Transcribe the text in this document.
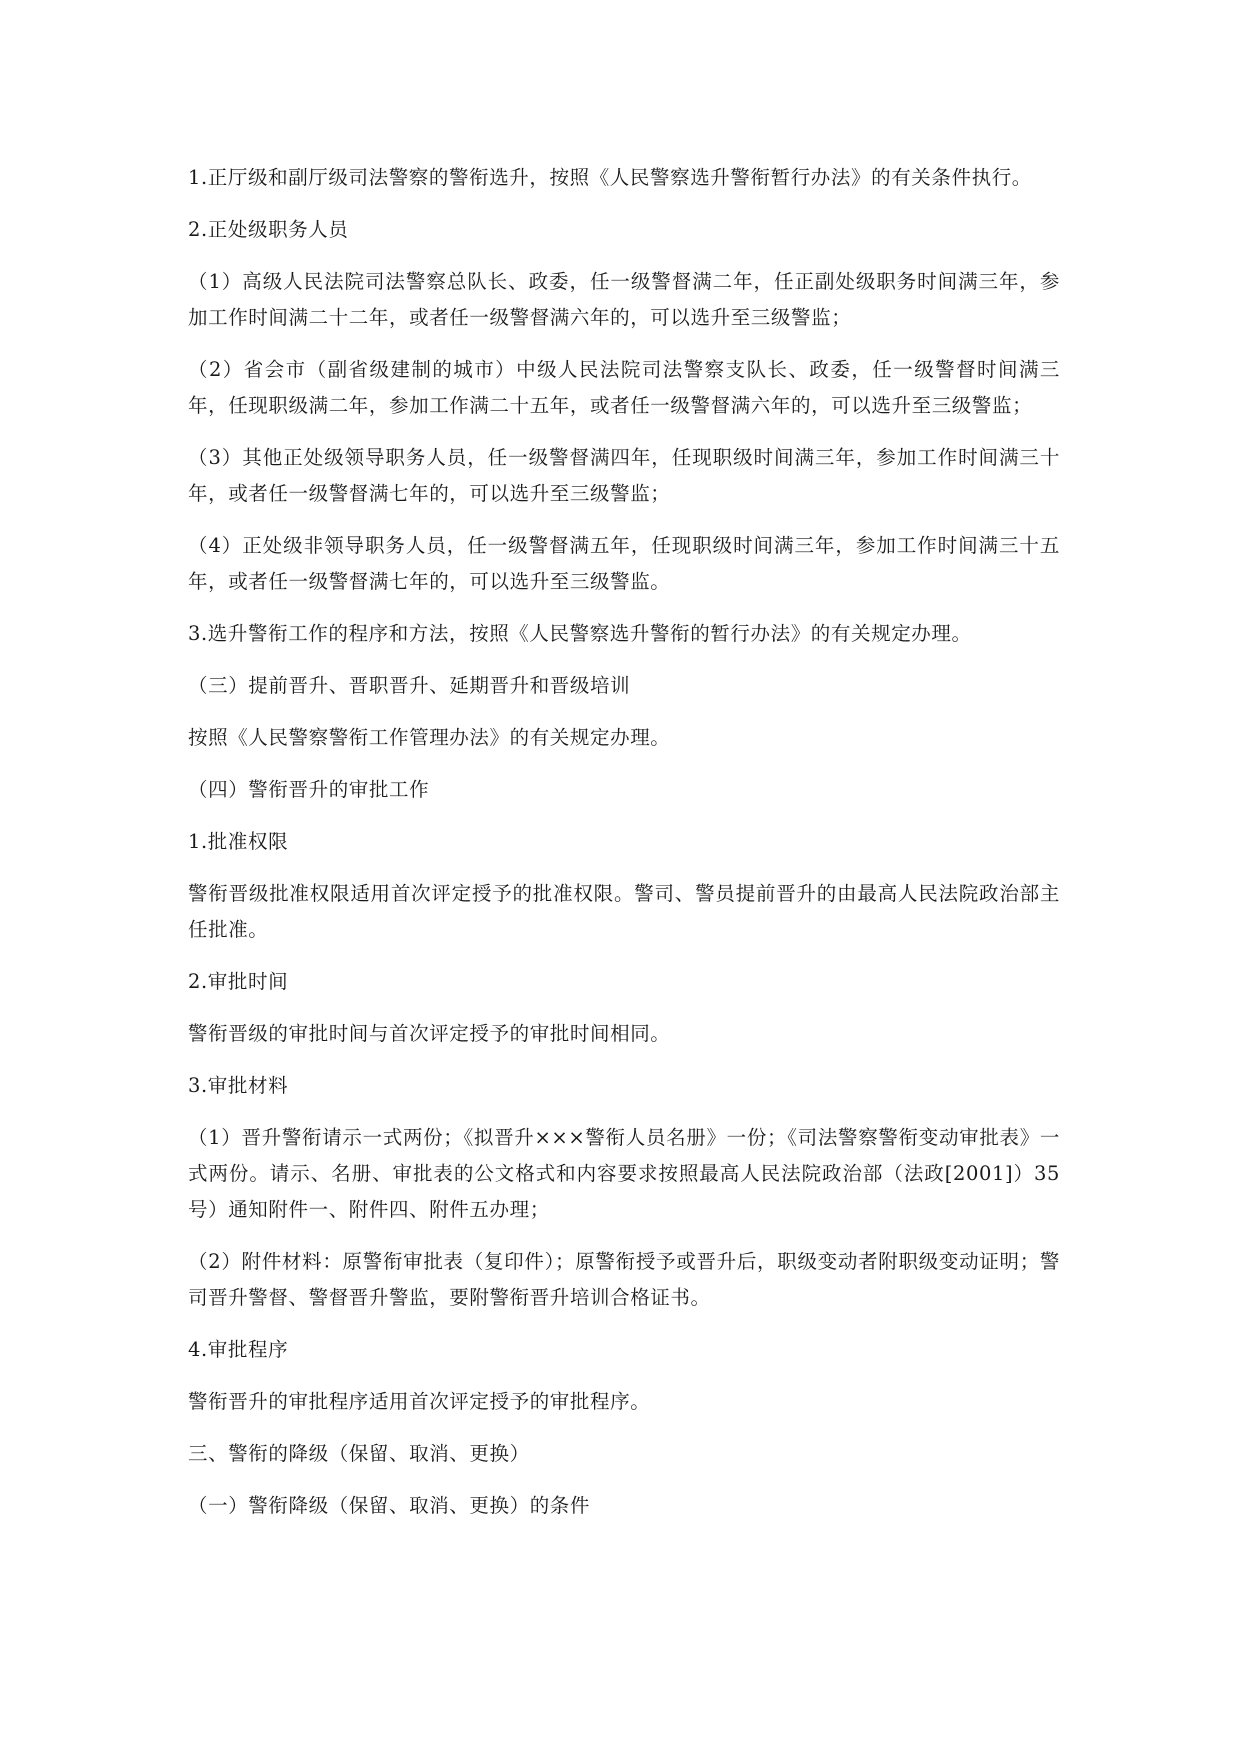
1.正厅级和副厅级司法警察的警衔选升，按照《人民警察选升警衔暂行办法》的有关条件执行。

2.正处级职务人员

（1）高级人民法院司法警察总队长、政委，任一级警督满二年，任正副处级职务时间满三年，参加工作时间满二十二年，或者任一级警督满六年的，可以选升至三级警监；

（2）省会市（副省级建制的城市）中级人民法院司法警察支队长、政委，任一级警督时间满三年，任现职级满二年，参加工作满二十五年，或者任一级警督满六年的，可以选升至三级警监；

（3）其他正处级领导职务人员，任一级警督满四年，任现职级时间满三年，参加工作时间满三十年，或者任一级警督满七年的，可以选升至三级警监；

（4）正处级非领导职务人员，任一级警督满五年，任现职级时间满三年，参加工作时间满三十五年，或者任一级警督满七年的，可以选升至三级警监。

3.选升警衔工作的程序和方法，按照《人民警察选升警衔的暂行办法》的有关规定办理。

（三）提前晋升、晋职晋升、延期晋升和晋级培训

按照《人民警察警衔工作管理办法》的有关规定办理。

（四）警衔晋升的审批工作

1.批准权限

警衔晋级批准权限适用首次评定授予的批准权限。警司、警员提前晋升的由最高人民法院政治部主任批准。

2.审批时间

警衔晋级的审批时间与首次评定授予的审批时间相同。

3.审批材料

（1）晋升警衔请示一式两份；《拟晋升×××警衔人员名册》一份；《司法警察警衔变动审批表》一式两份。请示、名册、审批表的公文格式和内容要求按照最高人民法院政治部（法政[2001]）35 号）通知附件一、附件四、附件五办理；

（2）附件材料：原警衔审批表（复印件）；原警衔授予或晋升后，职级变动者附职级变动证明；警司晋升警督、警督晋升警监，要附警衔晋升培训合格证书。

4.审批程序

警衔晋升的审批程序适用首次评定授予的审批程序。

三、警衔的降级（保留、取消、更换）

（一）警衔降级（保留、取消、更换）的条件
